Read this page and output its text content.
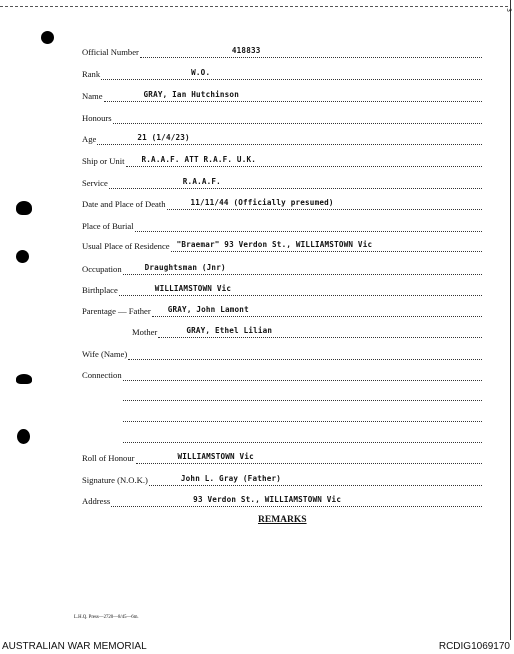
3
Official Number	418833
Rank	W.O.
Name	GRAY, Ian Hutchinson
Honours
Age	21 (1/4/23)
Ship or Unit R.A.A.F. ATT R.A.F. U.K.
Service	R.A.A.F.
Date and Place of Death	11/11/44 (Officially presumed)
Place of Burial
Usual Place of Residence "Braemar" 93 Verdon St., WILLIAMSTOWN Vic
Occupation	Draughtsman (Jnr)
Birthplace	WILLIAMSTOWN Vic
Parentage — Father GRAY, John Lamont
Mother	GRAY, Ethel Lilian
Wife (Name)
Connection
Roll of Honour	WILLIAMSTOWN Vic
Signature (N.O.K.)	John L. Gray (Father)
Address	93 Verdon St., WILLIAMSTOWN Vic
REMARKS
L.H.Q. Press—2720—8/45—6m.
AUSTRALIAN WAR MEMORIAL	RCDIG1069170
